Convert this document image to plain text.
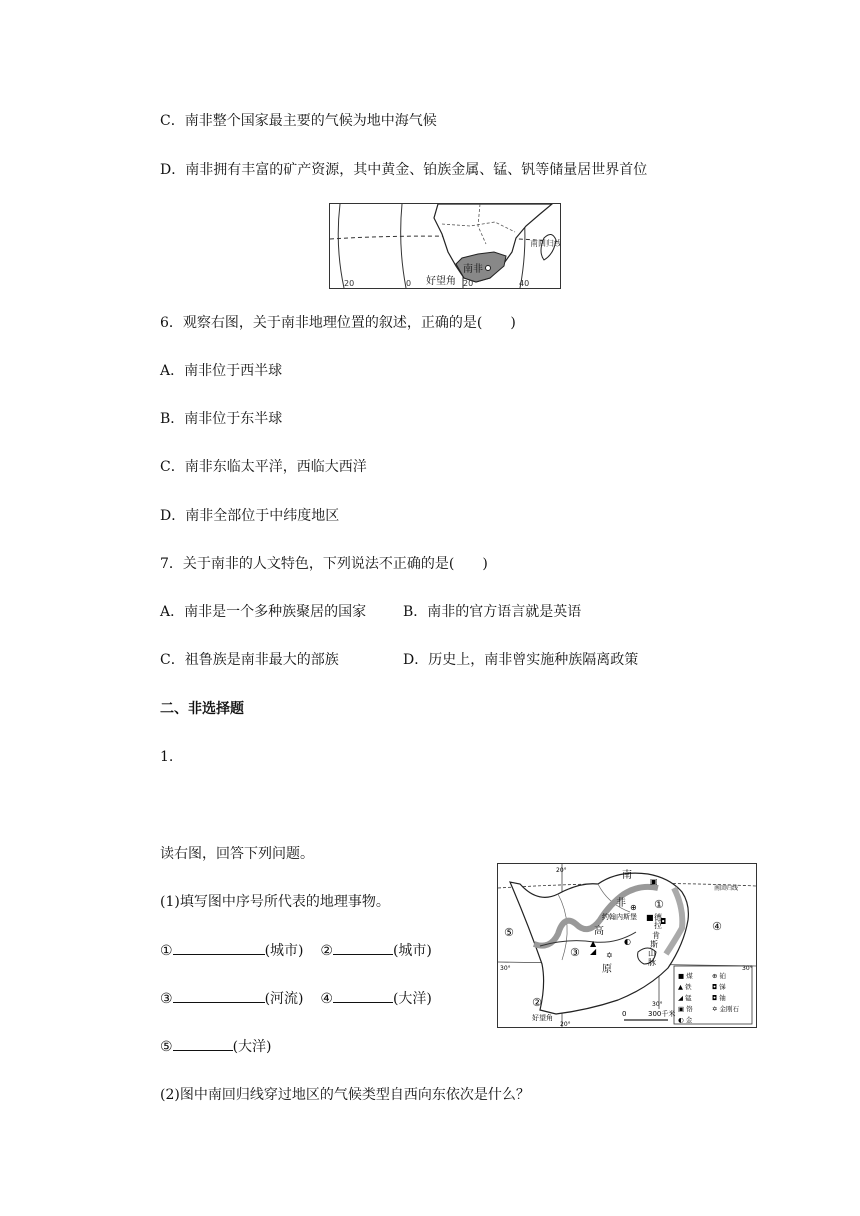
C．南非整个国家最主要的气候为地中海气候
D．南非拥有丰富的矿产资源，其中黄金、铂族金属、锰、钒等储量居世界首位
南回归线
南非
好望角
20	0	20	40
6．观察右图，关于南非地理位置的叙述，正确的是(　　)
A．南非位于西半球
B．南非位于东半球
C．南非东临太平洋，西临大西洋
D．南非全部位于中纬度地区
7．关于南非的人文特色，下列说法不正确的是(　　)
A．南非是一个多种族聚居的国家	B．南非的官方语言就是英语
C．祖鲁族是南非最大的部族	D．历史上，南非曾实施种族隔离政策
二、非选择题
1.
读右图，回答下列问题。
(1)填写图中序号所代表的地理事物。
①	(城市) ②	(城市)
③	(河流) ④	(大洋)
⑤	(大洋)
(2)图中南回归线穿过地区的气候类型自西向东依次是什么？
南
非
高
原
德
拉
肯
斯
山
脉
约翰内斯堡
南回归线
30°	30°
20°
20°
30°
①
②
③
④
⑤
好望角	0	300千米
▣
◘
⊕
■
◐
▲
◢ ✡
■ 煤	⊕ 铂
▲ 铁	◘ 锑
◢ 锰	◘ 铀
▣ 铬	✡ 金刚石
◐ 金
